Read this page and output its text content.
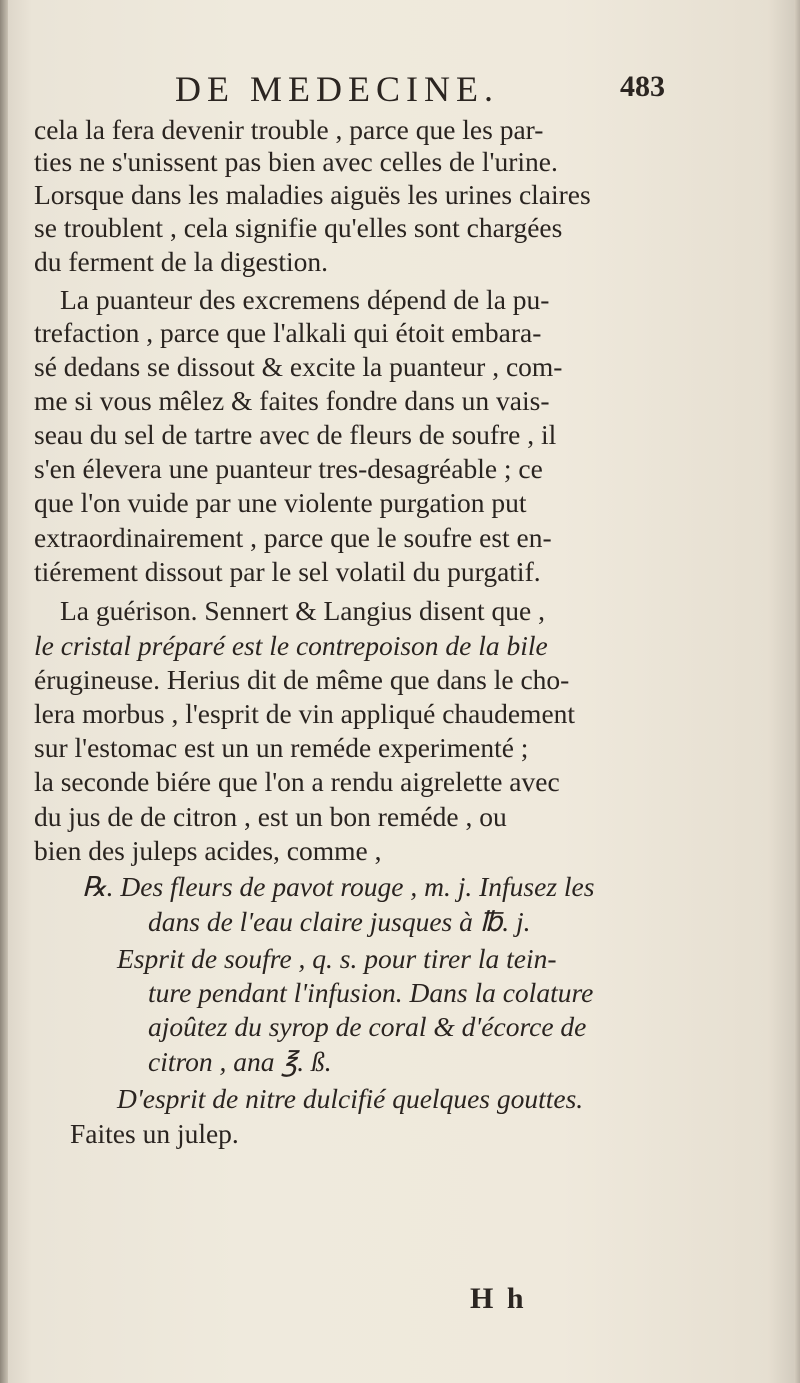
DE MEDECINE.	483
cela la fera devenir trouble , parce que les par-
ties ne s'unissent pas bien avec celles de l'urine.
Lorsque dans les maladies aiguës les urines claires
se troublent , cela signifie qu'elles sont chargées
du ferment de la digestion.
La puanteur des excremens dépend de la pu-
trefaction , parce que l'alkali qui étoit embara-
sé dedans se dissout & excite la puanteur , com-
me si vous mêlez & faites fondre dans un vais-
seau du sel de tartre avec de fleurs de soufre , il
s'en élevera une puanteur tres-desagréable ; ce
que l'on vuide par une violente purgation put
extraordinairement , parce que le soufre est en-
tiérement dissout par le sel volatil du purgatif.
La guérison. Sennert & Langius disent que ,
le cristal préparé est le contrepoison de la bile
érugineuse. Herius dit de même que dans le cho-
lera morbus , l'esprit de vin appliqué chaudement
sur l'estomac est un un reméde experimenté ;
la seconde biére que l'on a rendu aigrelette avec
du jus de de citron , est un bon reméde , ou
bien des juleps acides, comme ,
℞. Des fleurs de pavot rouge , m. j. Infusez les
dans de l'eau claire jusques à ℔. j.
Esprit de soufre , q. s. pour tirer la tein-
ture pendant l'infusion. Dans la colature
ajoûtez du syrop de coral & d'écorce de
citron , ana ℥. ß.
D'esprit de nitre dulcifié quelques gouttes.
Faites un julep.
H h
